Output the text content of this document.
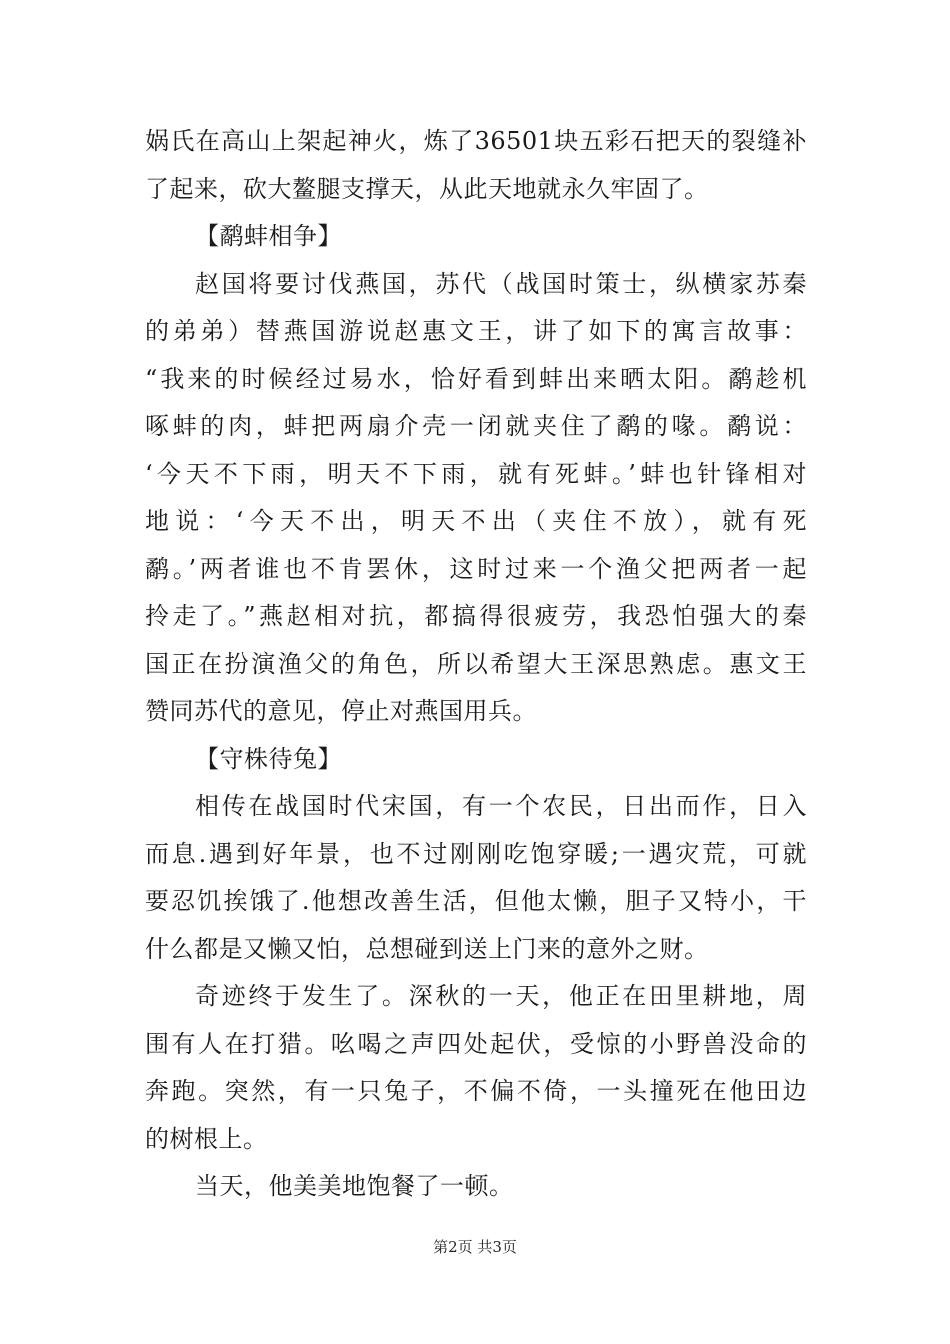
娲氏在高山上架起神火，炼了36501块五彩石把天的裂缝补
了起来，砍大鳌腿支撑天，从此天地就永久牢固了。
【鹬蚌相争】
赵国将要讨伐燕国，苏代（战国时策士，纵横家苏秦
的弟弟）替燕国游说赵惠文王，讲了如下的寓言故事：
“我来的时候经过易水，恰好看到蚌出来晒太阳。鹬趁机
啄蚌的肉，蚌把两扇介壳一闭就夹住了鹬的喙。鹬说：
‘今天不下雨，明天不下雨，就有死蚌。’蚌也针锋相对
地说：‘今天不出，明天不出（夹住不放），就有死
鹬。’两者谁也不肯罢休，这时过来一个渔父把两者一起
拎走了。”燕赵相对抗，都搞得很疲劳，我恐怕强大的秦
国正在扮演渔父的角色，所以希望大王深思熟虑。惠文王
赞同苏代的意见，停止对燕国用兵。
【守株待兔】
相传在战国时代宋国，有一个农民，日出而作，日入
而息.遇到好年景，也不过刚刚吃饱穿暖;一遇灾荒，可就
要忍饥挨饿了.他想改善生活，但他太懒，胆子又特小，干
什么都是又懒又怕，总想碰到送上门来的意外之财。
奇迹终于发生了。深秋的一天，他正在田里耕地，周
围有人在打猎。吆喝之声四处起伏，受惊的小野兽没命的
奔跑。突然，有一只兔子，不偏不倚，一头撞死在他田边
的树根上。
当天，他美美地饱餐了一顿。
第2页 共3页
